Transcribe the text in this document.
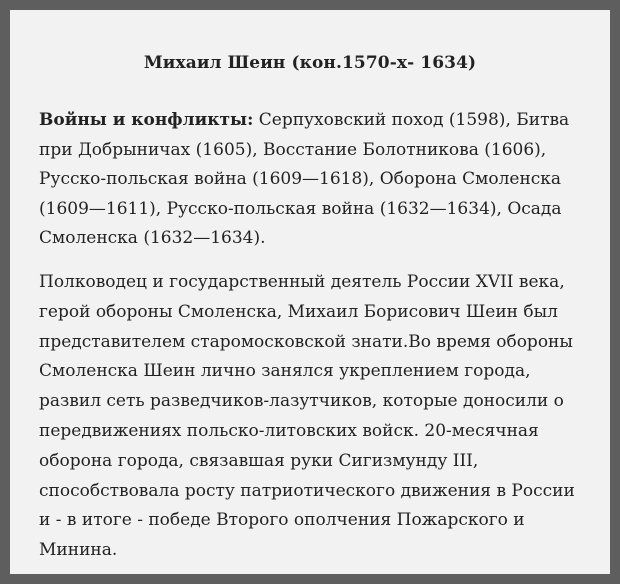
Михаил Шеин (кон.1570-х- 1634)

Войны и конфликты: Серпуховский поход (1598), Битва при Добрыничах (1605), Восстание Болотникова (1606), Русско-польская война (1609—1618), Оборона Смоленска (1609—1611), Русско-польская война (1632—1634), Осада Смоленска (1632—1634).

Полководец и государственный деятель России XVII века, герой обороны Смоленска, Михаил Борисович Шеин был представителем старомосковской знати.Во время обороны Смоленска Шеин лично занялся укреплением города, развил сеть разведчиков-лазутчиков, которые доносили о передвижениях польско-литовских войск. 20-месячная оборона города, связавшая руки Сигизмунду III, способствовала росту патриотического движения в России и - в итоге - победе Второго ополчения Пожарского и Минина.
